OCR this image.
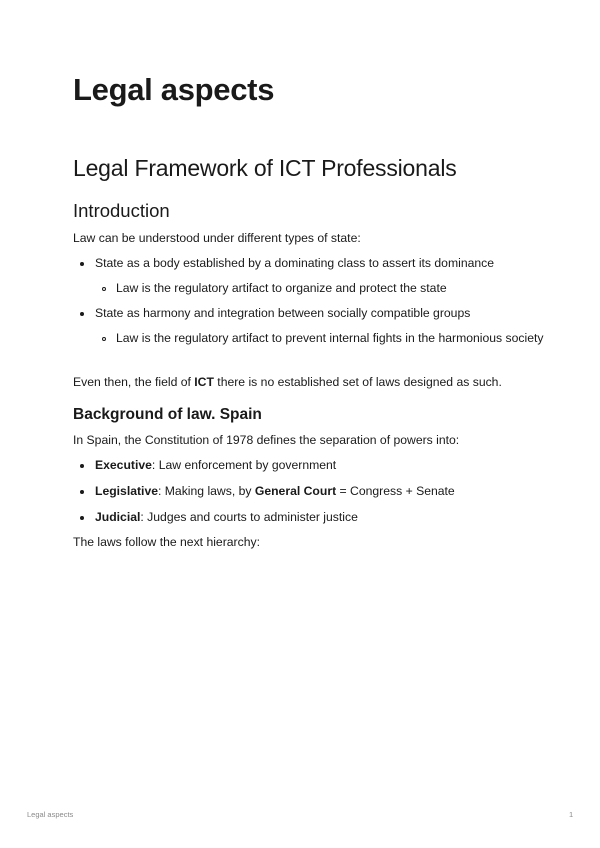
Legal aspects
Legal Framework of ICT Professionals
Introduction

Law can be understood under different types of state:

State as a body established by a dominating class to assert its dominance

Law is the regulatory artifact to organize and protect the state

State as harmony and integration between socially compatible groups

Law is the regulatory artifact to prevent internal fights in the harmonious society

Even then, the field of ICT there is no established set of laws designed as such.

Background of law. Spain

In Spain, the Constitution of 1978 defines the separation of powers into:

Executive: Law enforcement by government

Legislative: Making laws, by General Court = Congress + Senate

Judicial: Judges and courts to administer justice

The laws follow the next hierarchy:

Legal aspects	1
